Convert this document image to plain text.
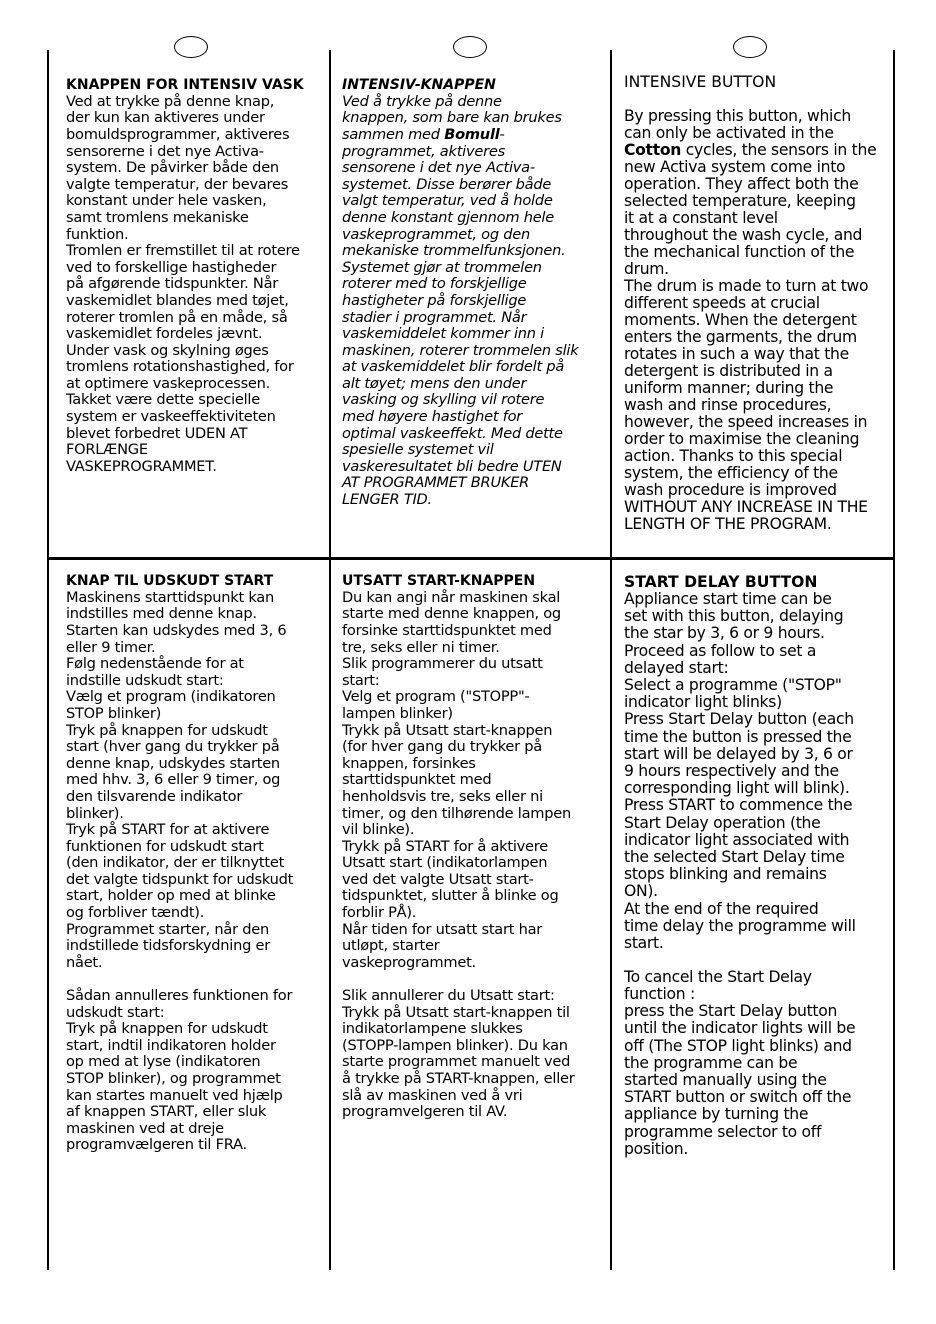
KNAPPEN FOR INTENSIV VASK

Ved at trykke på denne knap,
der kun kan aktiveres under
bomuldsprogrammer, aktiveres
sensorerne i det nye Activa-
system. De påvirker både den
valgte temperatur, der bevares
konstant under hele vasken,
samt tromlens mekaniske
funktion.
Tromlen er fremstillet til at rotere
ved to forskellige hastigheder
på afgørende tidspunkter. Når
vaskemidlet blandes med tøjet,
roterer tromlen på en måde, så
vaskemidlet fordeles jævnt.
Under vask og skylning øges
tromlens rotationshastighed, for
at optimere vaskeprocessen.
Takket være dette specielle
system er vaskeeffektiviteten
blevet forbedret UDEN AT
FORLÆNGE
VASKEPROGRAMMET.

INTENSIV-KNAPPEN

Ved å trykke på denne
knappen, som bare kan brukes
sammen med Bomull-
programmet, aktiveres
sensorene i det nye Activa-
systemet. Disse berører både
valgt temperatur, ved å holde
denne konstant gjennom hele
vaskeprogrammet, og den
mekaniske trommelfunksjonen.
Systemet gjør at trommelen
roterer med to forskjellige
hastigheter på forskjellige
stadier i programmet. Når
vaskemiddelet kommer inn i
maskinen, roterer trommelen slik
at vaskemiddelet blir fordelt på
alt tøyet; mens den under
vasking og skylling vil rotere
med høyere hastighet for
optimal vaskeeffekt. Med dette
spesielle systemet vil
vaskeresultatet bli bedre UTEN
AT PROGRAMMET BRUKER
LENGER TID.

INTENSIVE BUTTON

By pressing this button, which
can only be activated in the
Cotton cycles, the sensors in the
new Activa system come into
operation. They affect both the
selected temperature, keeping
it at a constant level
throughout the wash cycle, and
the mechanical function of the
drum.
The drum is made to turn at two
different speeds at crucial
moments. When the detergent
enters the garments, the drum
rotates in such a way that the
detergent is distributed in a
uniform manner; during the
wash and rinse procedures,
however, the speed increases in
order to maximise the cleaning
action. Thanks to this special
system, the efficiency of the
wash procedure is improved
WITHOUT ANY INCREASE IN THE
LENGTH OF THE PROGRAM.

KNAP TIL UDSKUDT START

Maskinens starttidspunkt kan
indstilles med denne knap.
Starten kan udskydes med 3, 6
eller 9 timer.
Følg nedenstående for at
indstille udskudt start:
Vælg et program (indikatoren
STOP blinker)
Tryk på knappen for udskudt
start (hver gang du trykker på
denne knap, udskydes starten
med hhv. 3, 6 eller 9 timer, og
den tilsvarende indikator
blinker).
Tryk på START for at aktivere
funktionen for udskudt start
(den indikator, der er tilknyttet
det valgte tidspunkt for udskudt
start, holder op med at blinke
og forbliver tændt).
Programmet starter, når den
indstillede tidsforskydning er
nået.
Sådan annulleres funktionen for
udskudt start:
Tryk på knappen for udskudt
start, indtil indikatoren holder
op med at lyse (indikatoren
STOP blinker), og programmet
kan startes manuelt ved hjælp
af knappen START, eller sluk
maskinen ved at dreje
programvælgeren til FRA.

UTSATT START-KNAPPEN

Du kan angi når maskinen skal
starte med denne knappen, og
forsinke starttidspunktet med
tre, seks eller ni timer.
Slik programmerer du utsatt
start:
Velg et program ("STOPP"-
lampen blinker)
Trykk på Utsatt start-knappen
(for hver gang du trykker på
knappen, forsinkes
starttidspunktet med
henholdsvis tre, seks eller ni
timer, og den tilhørende lampen
vil blinke).
Trykk på START for å aktivere
Utsatt start (indikatorlampen
ved det valgte Utsatt start-
tidspunktet, slutter å blinke og
forblir PÅ).
Når tiden for utsatt start har
utløpt, starter
vaskeprogrammet.
Slik annullerer du Utsatt start:
Trykk på Utsatt start-knappen til
indikatorlampene slukkes
(STOPP-lampen blinker). Du kan
starte programmet manuelt ved
å trykke på START-knappen, eller
slå av maskinen ved å vri
programvelgeren til AV.

START DELAY BUTTON

Appliance start time can be
set with this button, delaying
the star by 3, 6 or 9 hours.
Proceed as follow to set a
delayed start:
Select a programme ("STOP"
indicator light blinks)
Press Start Delay button (each
time the button is pressed the
start will be delayed by 3, 6 or
9 hours respectively and the
corresponding light will blink).
Press START to commence the
Start Delay operation (the
indicator light associated with
the selected Start Delay time
stops blinking and remains
ON).
At the end of the required
time delay the programme will
start.
To cancel the Start Delay
function :
press the Start Delay button
until the indicator lights will be
off (The STOP light blinks) and
the programme can be
started manually using the
START button or switch off the
appliance by turning the
programme selector to off
position.
